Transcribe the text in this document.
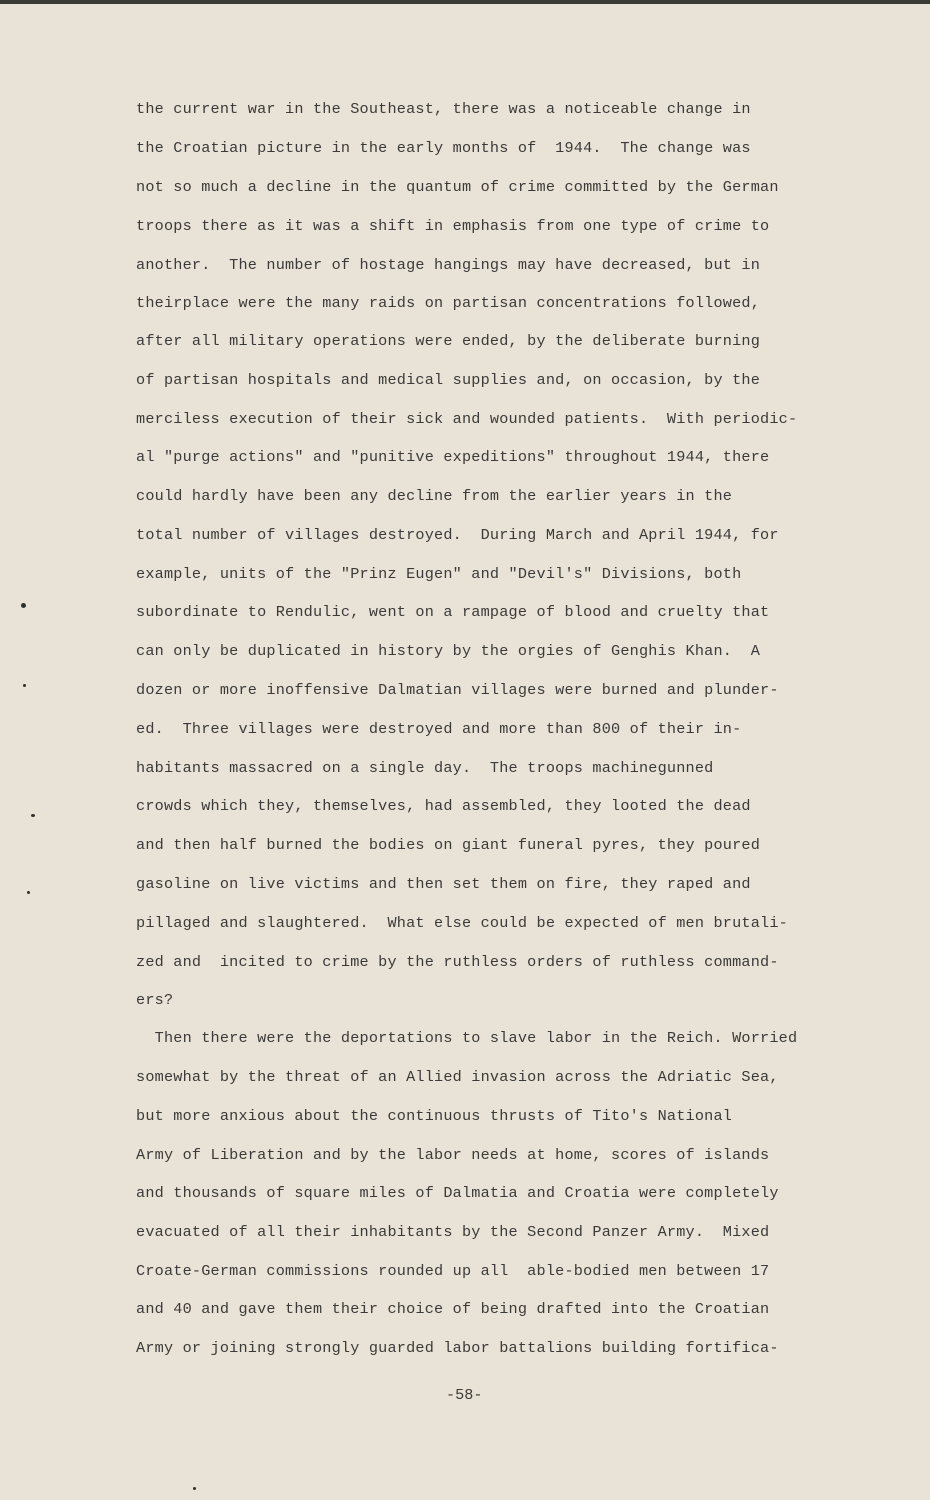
the current war in the Southeast, there was a noticeable change in
the Croatian picture in the early months of  1944.  The change was
not so much a decline in the quantum of crime committed by the German
troops there as it was a shift in emphasis from one type of crime to
another.  The number of hostage hangings may have decreased, but in
theirplace were the many raids on partisan concentrations followed,
after all military operations were ended, by the deliberate burning
of partisan hospitals and medical supplies and, on occasion, by the
merciless execution of their sick and wounded patients.  With periodic-
al "purge actions" and "punitive expeditions" throughout 1944, there
could hardly have been any decline from the earlier years in the
total number of villages destroyed.  During March and April 1944, for
example, units of the "Prinz Eugen" and "Devil's" Divisions, both
subordinate to Rendulic, went on a rampage of blood and cruelty that
can only be duplicated in history by the orgies of Genghis Khan.  A
dozen or more inoffensive Dalmatian villages were burned and plunder-
ed.  Three villages were destroyed and more than 800 of their in-
habitants massacred on a single day.  The troops machinegunned
crowds which they, themselves, had assembled, they looted the dead
and then half burned the bodies on giant funeral pyres, they poured
gasoline on live victims and then set them on fire, they raped and
pillaged and slaughtered.  What else could be expected of men brutali-
zed and  incited to crime by the ruthless orders of ruthless command-
ers?
Then there were the deportations to slave labor in the Reich. Worried
somewhat by the threat of an Allied invasion across the Adriatic Sea,
but more anxious about the continuous thrusts of Tito's National
Army of Liberation and by the labor needs at home, scores of islands
and thousands of square miles of Dalmatia and Croatia were completely
evacuated of all their inhabitants by the Second Panzer Army.  Mixed
Croate-German commissions rounded up all  able-bodied men between 17
and 40 and gave them their choice of being drafted into the Croatian
Army or joining strongly guarded labor battalions building fortifica-
-58-
